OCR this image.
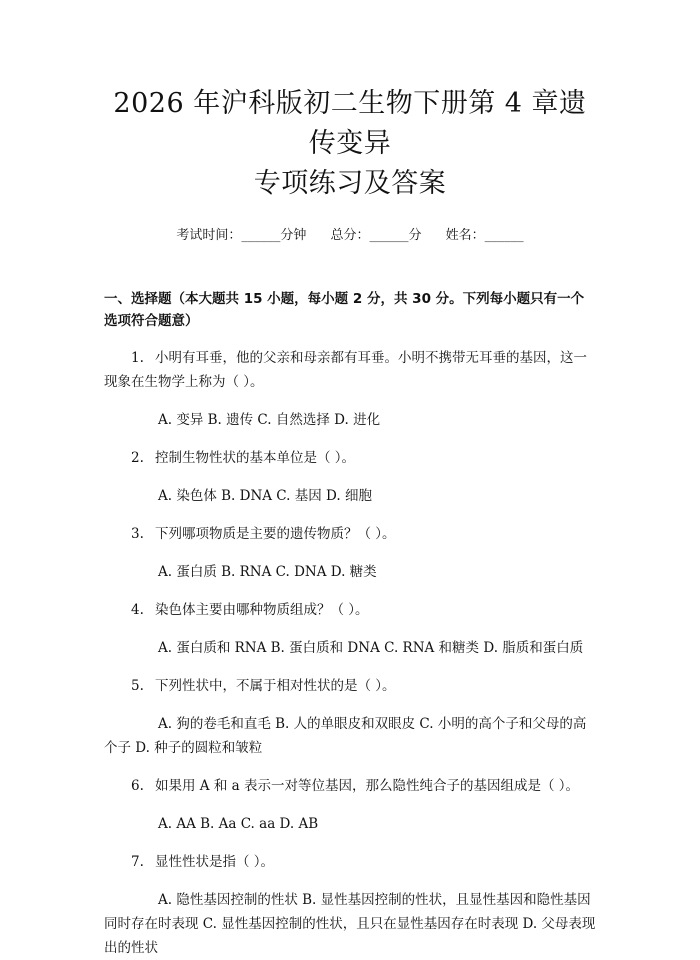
2026 年沪科版初二生物下册第 4 章遗传变异
专项练习及答案
考试时间：______分钟 总分：______分 姓名：______
一、选择题（本大题共 15 小题，每小题 2 分，共 30 分。下列每小题只有一个选项符合题意）
1. 小明有耳垂，他的父亲和母亲都有耳垂。小明不携带无耳垂的基因，这一现象在生物学上称为（ ）。
A. 变异 B. 遗传 C. 自然选择 D. 进化
2. 控制生物性状的基本单位是（ ）。
A. 染色体 B. DNA C. 基因 D. 细胞
3. 下列哪项物质是主要的遗传物质？（ ）。
A. 蛋白质 B. RNA C. DNA D. 糖类
4. 染色体主要由哪种物质组成？（ ）。
A. 蛋白质和 RNA B. 蛋白质和 DNA C. RNA 和糖类 D. 脂质和蛋白质
5. 下列性状中，不属于相对性状的是（ ）。
A. 狗的卷毛和直毛 B. 人的单眼皮和双眼皮 C. 小明的高个子和父母的高个子 D. 种子的圆粒和皱粒
6. 如果用 A 和 a 表示一对等位基因，那么隐性纯合子的基因组成是（ ）。
A. AA B. Aa C. aa D. AB
7. 显性性状是指（ ）。
A. 隐性基因控制的性状 B. 显性基因控制的性状，且显性基因和隐性基因同时存在时表现 C. 显性基因控制的性状，且只在显性基因存在时表现 D. 父母表现出的性状
